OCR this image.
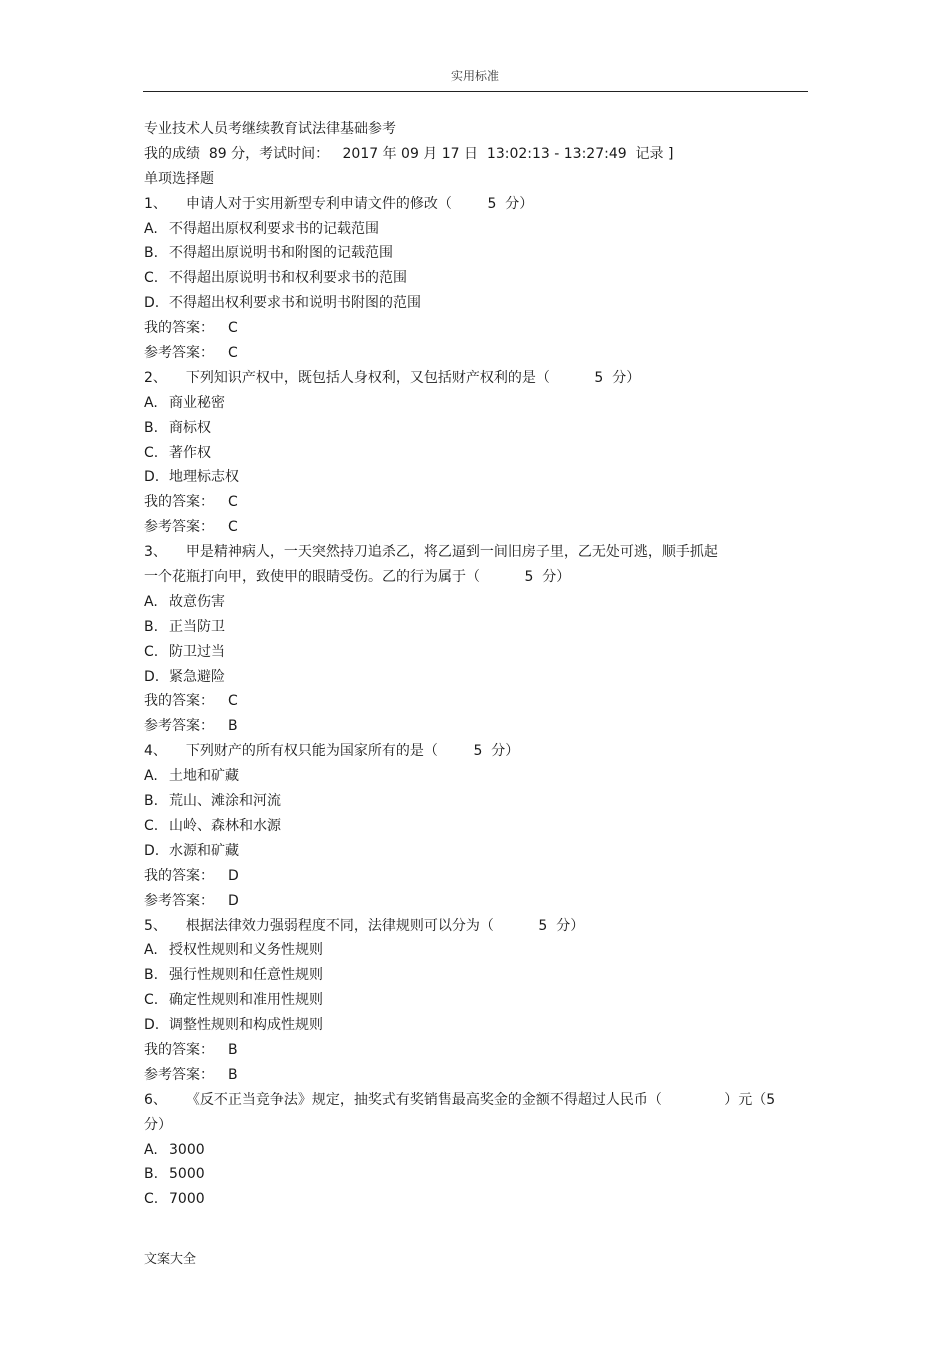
实用标准
专业技术人员考继续教育试法律基础参考
我的成绩  89 分，考试时间：   2017 年 09 月 17 日  13:02:13 - 13:27:49  记录 ]
单项选择题
1、  申请人对于实用新型专利申请文件的修改（        5  分）
A. 不得超出原权利要求书的记载范围
B. 不得超出原说明书和附图的记载范围
C. 不得超出原说明书和权利要求书的范围
D. 不得超出权利要求书和说明书附图的范围
我的答案： C
参考答案： C
2、  下列知识产权中，既包括人身权利，又包括财产权利的是（          5  分）
A. 商业秘密
B. 商标权
C. 著作权
D. 地理标志权
我的答案： C
参考答案： C
3、  甲是精神病人，一天突然持刀追杀乙，将乙逼到一间旧房子里，乙无处可逃，顺手抓起
一个花瓶打向甲，致使甲的眼睛受伤。乙的行为属于（          5  分）
A. 故意伤害
B. 正当防卫
C. 防卫过当
D. 紧急避险
我的答案： C
参考答案： B
4、  下列财产的所有权只能为国家所有的是（        5  分）
A. 土地和矿藏
B. 荒山、滩涂和河流
C. 山岭、森林和水源
D. 水源和矿藏
我的答案： D
参考答案： D
5、  根据法律效力强弱程度不同，法律规则可以分为（          5  分）
A. 授权性规则和义务性规则
B. 强行性规则和任意性规则
C. 确定性规则和准用性规则
D. 调整性规则和构成性规则
我的答案： B
参考答案： B
6、  《反不正当竞争法》规定，抽奖式有奖销售最高奖金的金额不得超过人民币（              ）元（5
分）
A. 3000
B. 5000
C. 7000
文案大全
